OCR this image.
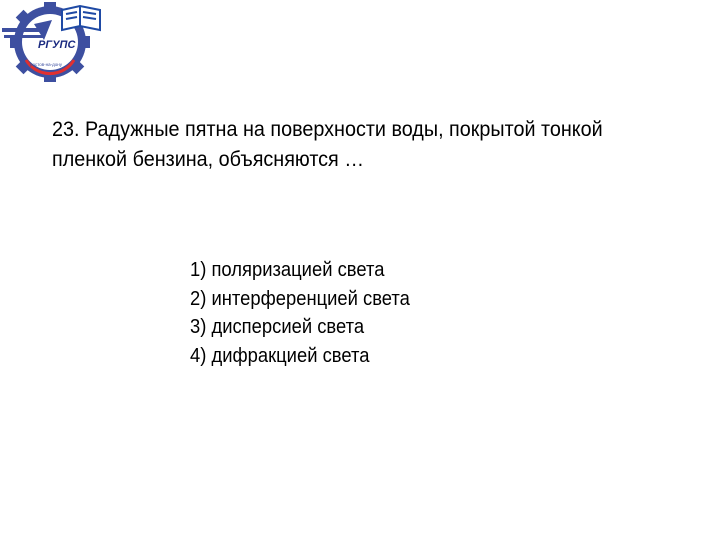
РГУПС
ростов-на-дону
23. Радужные пятна на поверхности воды, покрытой тонкой пленкой бензина, объясняются …
1) поляризацией света
2) интерференцией света
3) дисперсией света
4) дифракцией света
